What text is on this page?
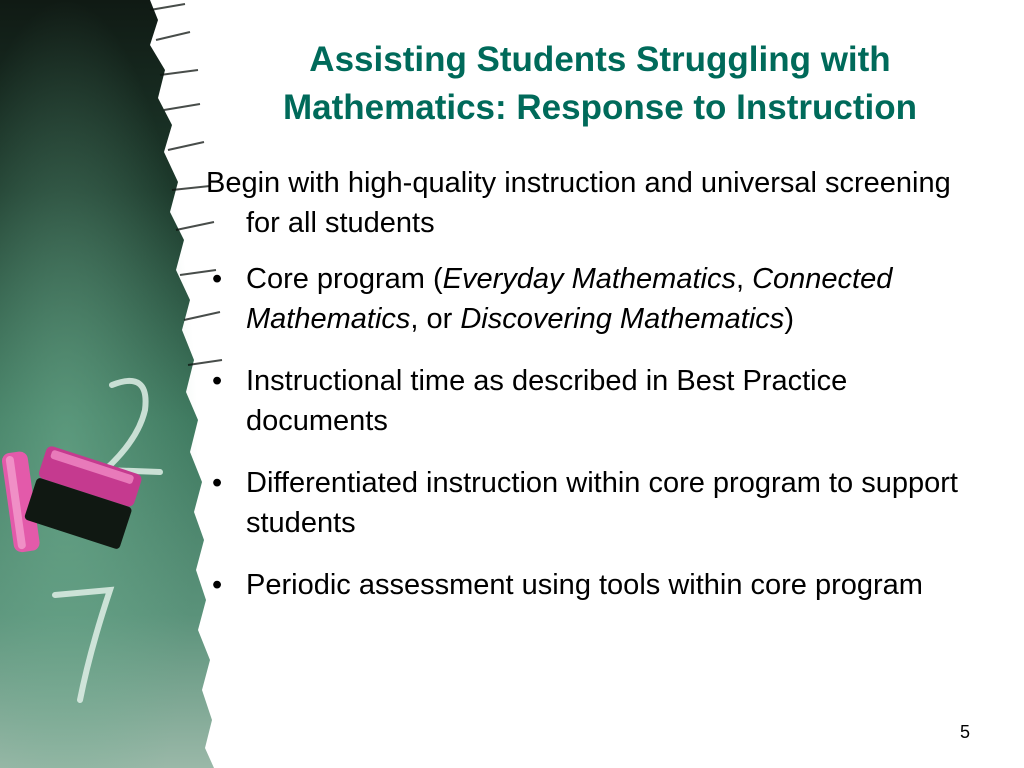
Assisting Students Struggling with
Mathematics: Response to Instruction

Begin with high-quality instruction and universal screening for all students

• Core program (Everyday Mathematics, Connected Mathematics, or Discovering Mathematics)
• Instructional time as described in Best Practice documents
• Differentiated instruction within core program to support students
• Periodic assessment using tools within core program
5
